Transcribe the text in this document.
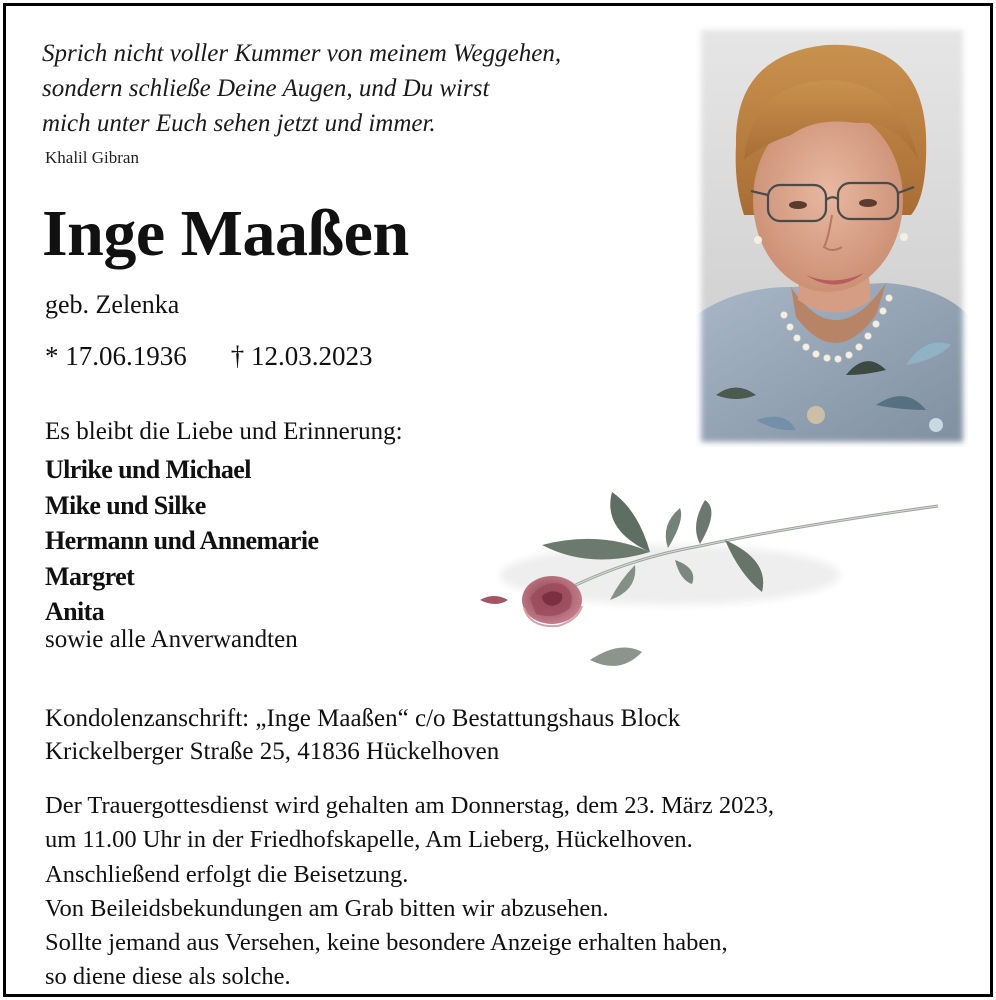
Sprich nicht voller Kummer von meinem Weggehen,
sondern schließe Deine Augen, und Du wirst
mich unter Euch sehen jetzt und immer.
Khalil Gibran
Inge Maaßen
geb. Zelenka
* 17.06.1936 † 12.03.2023
Es bleibt die Liebe und Erinnerung:
Ulrike und Michael
Mike und Silke
Hermann und Annemarie
Margret
Anita
sowie alle Anverwandten
Kondolenzanschrift: „Inge Maaßen“ c/o Bestattungshaus Block
Krickelberger Straße 25, 41836 Hückelhoven
Der Trauergottesdienst wird gehalten am Donnerstag, dem 23. März 2023,
um 11.00 Uhr in der Friedhofskapelle, Am Lieberg, Hückelhoven.
Anschließend erfolgt die Beisetzung.
Von Beileidsbekundungen am Grab bitten wir abzusehen.
Sollte jemand aus Versehen, keine besondere Anzeige erhalten haben,
so diene diese als solche.
